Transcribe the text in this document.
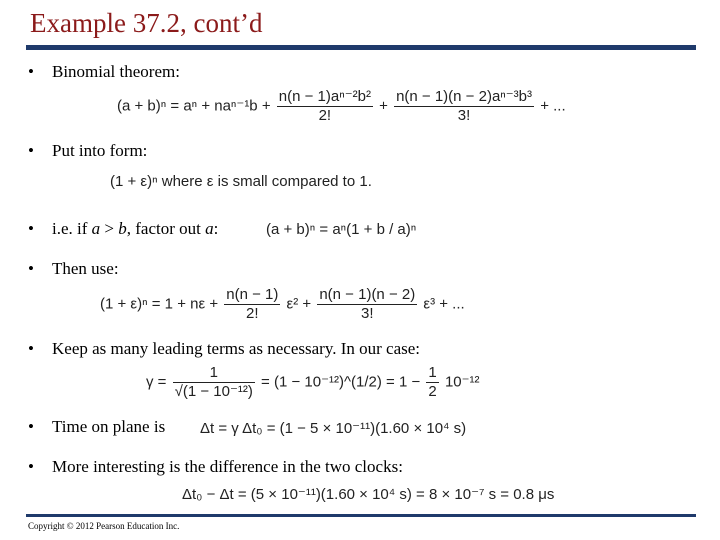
Example 37.2, cont’d
• Binomial theorem:
$(a + b)^n = a^n + na^{n-1}b + \frac{\text{n(n − 1)aⁿ⁻²b²}}{2!} + \frac{\text{n(n − 1)(n − 2)aⁿ⁻³b³}}{3!}$ + ...
• Put into form:
(1 + ε)ⁿ where ε is small compared to 1.
• i.e. if a > b, factor out a:	(a + b)ⁿ = aⁿ(1 + b / a)ⁿ
• Then use:
$(1 + \varepsilon)^n = 1 + n\varepsilon + \frac{n(n - 1)}{2!} \varepsilon^2 + \frac{n(n - 1)(n - 2)}{3!} \varepsilon^3$ + ...
• Keep as many leading terms as necessary. In our case:
$\gamma = \frac{1}{\text{√(1 − 10⁻¹²)}} = (1$ − 10⁻¹²)^(1/2) = $1 - \frac{1}{2} 10^{-12}$
• Time on plane is Δt = γ Δt₀ = (1 − 5 × 10⁻¹¹)(1.60 × 10⁴ s)
• More interesting is the difference in the two clocks:
Δt₀ − Δt = (5 × 10⁻¹¹)(1.60 × 10⁴ s) = 8 × 10⁻⁷ s = 0.8 μs
Copyright © 2012 Pearson Education Inc.
